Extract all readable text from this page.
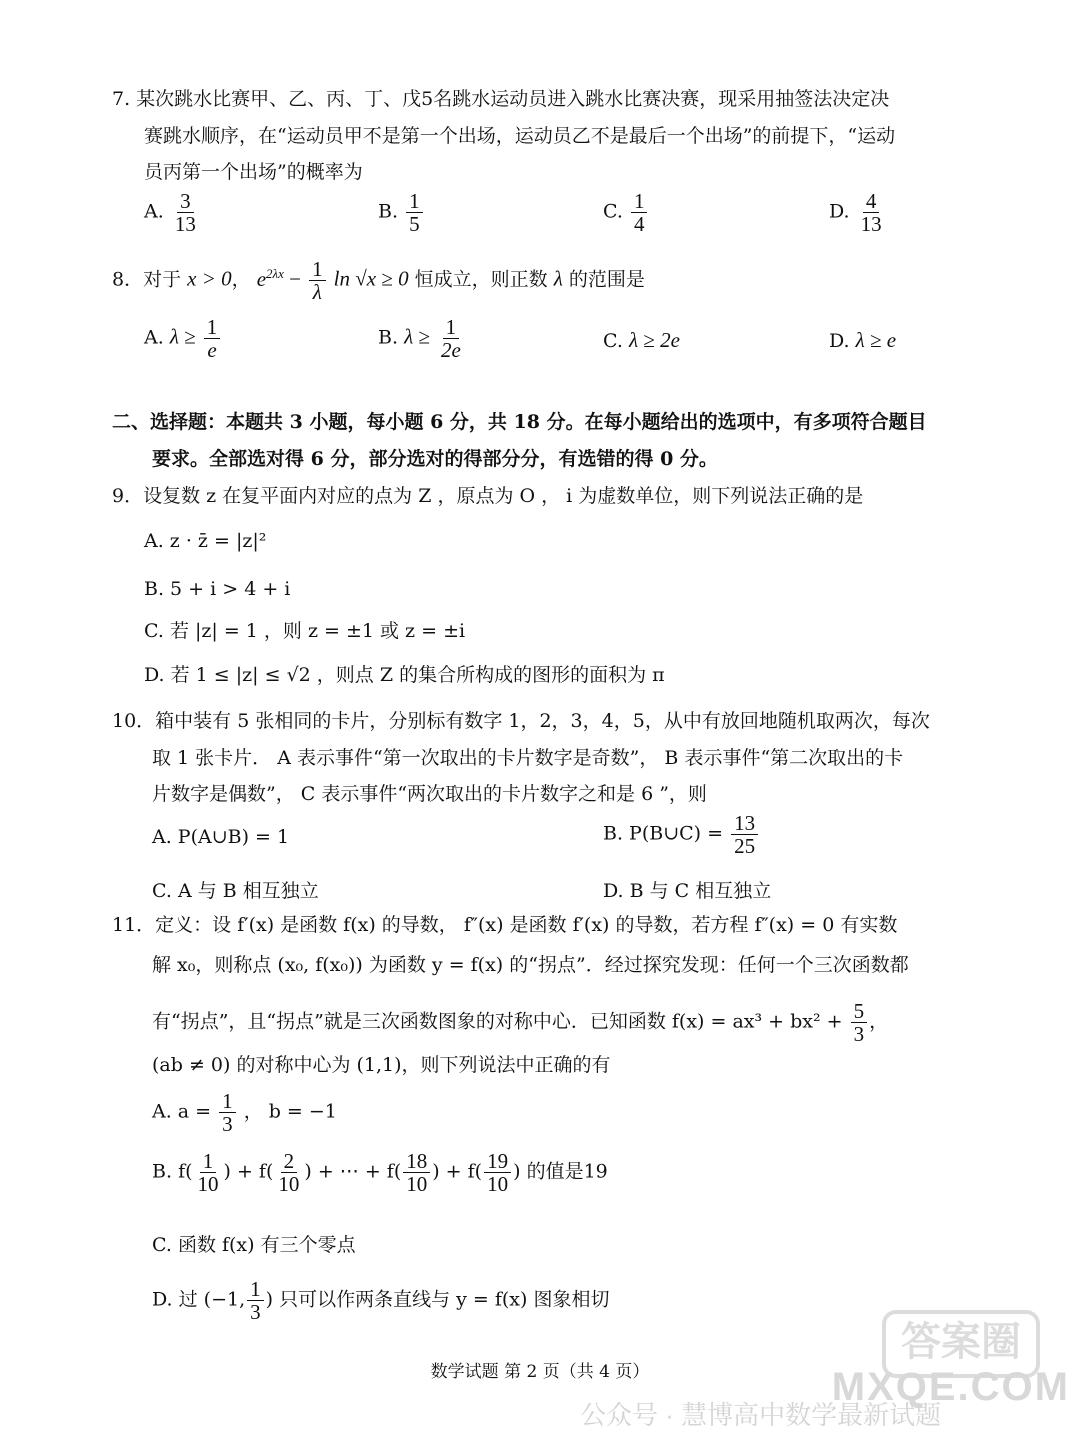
7. 某次跳水比赛甲、乙、丙、丁、戊5名跳水运动员进入跳水比赛决赛，现采用抽签法决定决
赛跳水顺序，在“运动员甲不是第一个出场，运动员乙不是最后一个出场”的前提下，“运动
员丙第一个出场”的概率为
A. $\frac{3}{13}$	B. $\frac{1}{5}$	C. $\frac{1}{4}$	D. $\frac{4}{13}$
8．对于 x > 0， $e^{2\lambda x} - \frac{1}{\lambda}$ ln √x ≥ 0 恒成立，则正数 λ 的范围是
A. $\lambda \ge \frac{1}{e}$	B. $\lambda \ge \frac{1}{2e}$	C. λ ≥ 2e	D. λ ≥ e
二、选择题：本题共 3 小题，每小题 6 分，共 18 分。在每小题给出的选项中，有多项符合题目
要求。全部选对得 6 分，部分选对的得部分分，有选错的得 0 分。
9．设复数 z 在复平面内对应的点为 Z ，原点为 O ， i 为虚数单位，则下列说法正确的是
A. z · z̄ = |z|²
B. 5 + i > 4 + i
C. 若 |z| = 1 ，则 z = ±1 或 z = ±i
D. 若 1 ≤ |z| ≤ √2 ，则点 Z 的集合所构成的图形的面积为 π
10．箱中装有 5 张相同的卡片，分别标有数字 1，2，3，4，5，从中有放回地随机取两次，每次
取 1 张卡片． A 表示事件“第一次取出的卡片数字是奇数”， B 表示事件“第二次取出的卡
片数字是偶数”， C 表示事件“两次取出的卡片数字之和是 6 ”，则
A. P(A∪B) = 1	B. P(B∪C) = $\frac{13}{25}$
C. A 与 B 相互独立	D. B 与 C 相互独立
11．定义：设 f′(x) 是函数 f(x) 的导数， f″(x) 是函数 f′(x) 的导数，若方程 f″(x) = 0 有实数
解 x₀，则称点 (x₀, f(x₀)) 为函数 y = f(x) 的“拐点”．经过探究发现：任何一个三次函数都
有“拐点”，且“拐点”就是三次函数图象的对称中心．已知函数 $f(x) = ax^3 + bx^2 + \frac{5}{3}$ ，
(ab ≠ 0) 的对称中心为 (1,1)，则下列说法中正确的有
A. $a = \frac{1}{3}$ ， b = −1
B. $f( \frac{1}{10}$ ) + $f( \frac{2}{10}$ ) + ⋯ + $f( \frac{18}{10}$ ) + $f( \frac{19}{10}$ ) 的值是19
C. 函数 f(x) 有三个零点
D. 过 (−1, $\frac{1}{3}$ ) 只可以作两条直线与 y = f(x) 图象相切
答案圈
MXQE.COM
公众号 · 慧博高中数学最新试题
数学试题 第 2 页（共 4 页）
